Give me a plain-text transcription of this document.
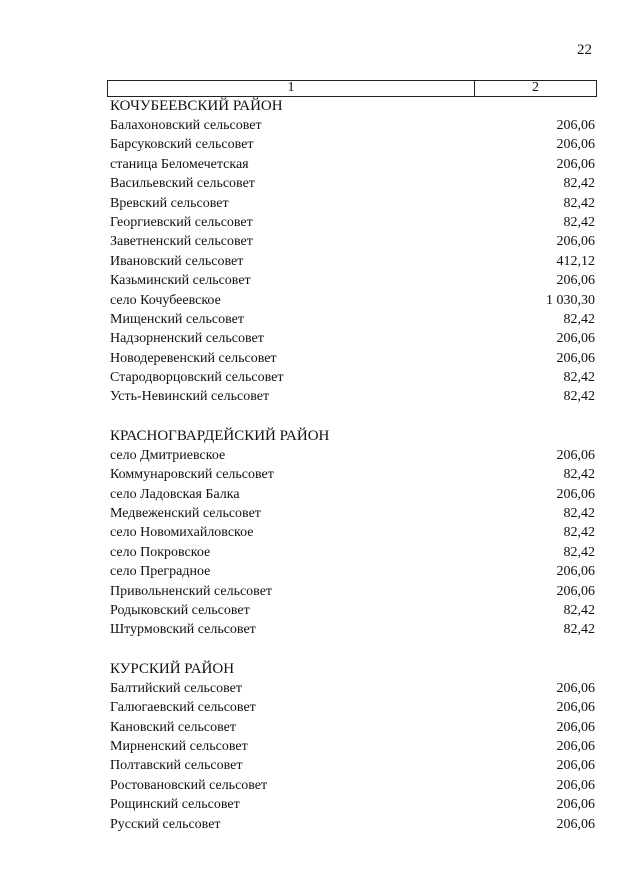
22
1	2
КОЧУБЕЕВСКИЙ РАЙОН
Балахоновский сельсовет	206,06
Барсуковский сельсовет	206,06
станица Беломечетская	206,06
Васильевский сельсовет	82,42
Вревский сельсовет	82,42
Георгиевский сельсовет	82,42
Заветненский сельсовет	206,06
Ивановский сельсовет	412,12
Казьминский сельсовет	206,06
село Кочубеевское	1 030,30
Мищенский сельсовет	82,42
Надзорненский сельсовет	206,06
Новодеревенский сельсовет	206,06
Стародворцовский сельсовет	82,42
Усть-Невинский сельсовет	82,42
КРАСНОГВАРДЕЙСКИЙ РАЙОН
село Дмитриевское	206,06
Коммунаровский сельсовет	82,42
село Ладовская Балка	206,06
Медвеженский сельсовет	82,42
село Новомихайловское	82,42
село Покровское	82,42
село Преградное	206,06
Привольненский сельсовет	206,06
Родыковский сельсовет	82,42
Штурмовский сельсовет	82,42
КУРСКИЙ РАЙОН
Балтийский сельсовет	206,06
Галюгаевский сельсовет	206,06
Кановский сельсовет	206,06
Мирненский сельсовет	206,06
Полтавский сельсовет	206,06
Ростовановский сельсовет	206,06
Рощинский сельсовет	206,06
Русский сельсовет	206,06
